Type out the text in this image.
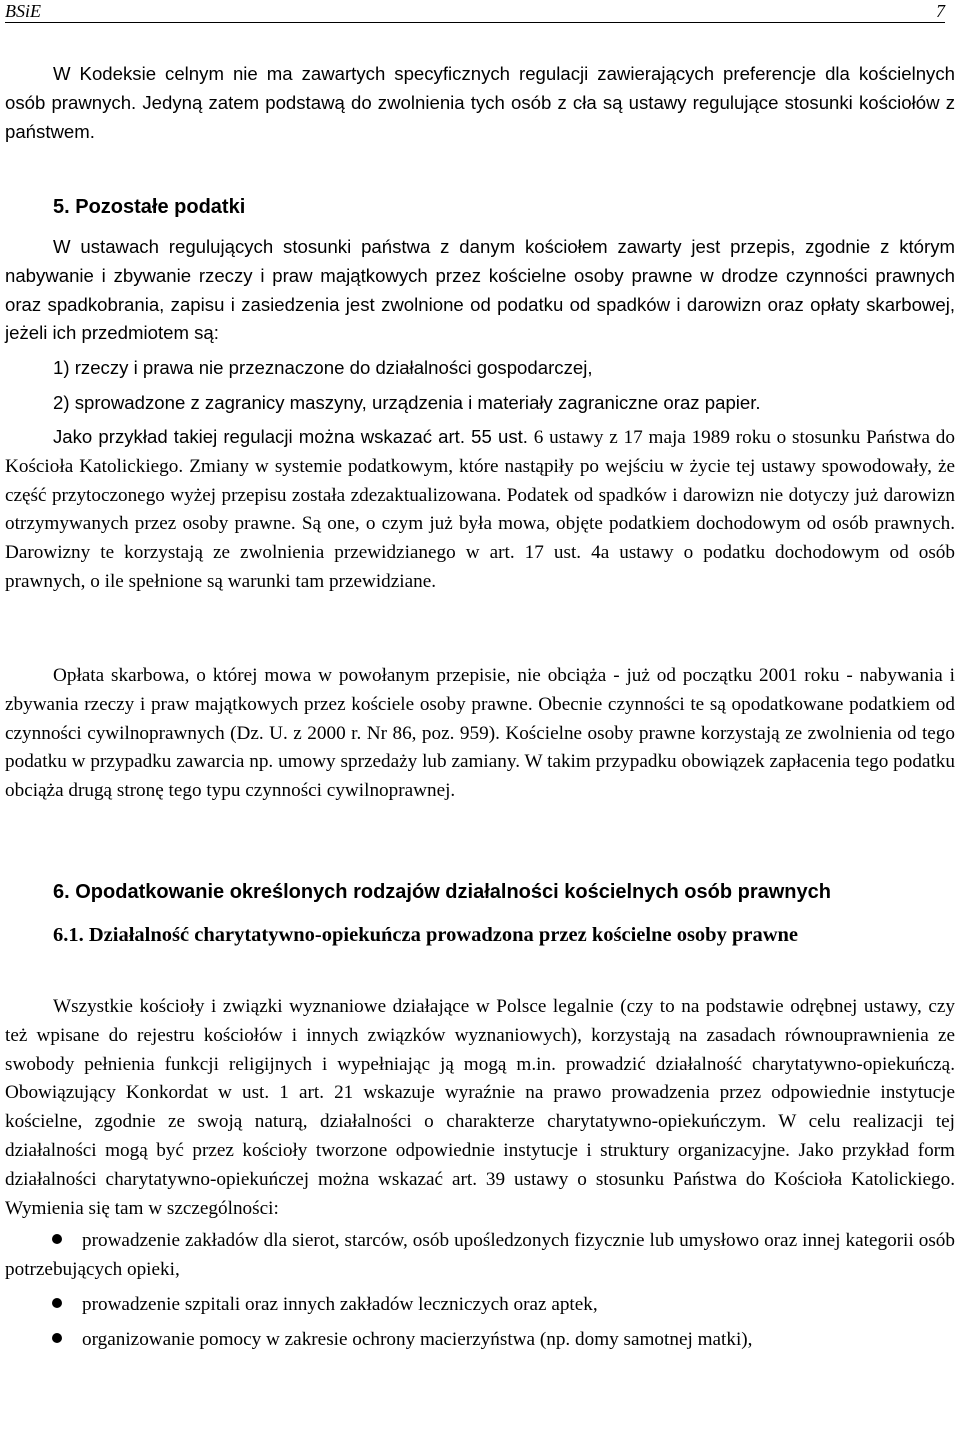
BSiE	7

W Kodeksie celnym nie ma zawartych specyficznych regulacji zawierających preferencje dla kościelnych osób prawnych. Jedyną zatem podstawą do zwolnienia tych osób z cła są ustawy regulujące stosunki kościołów z państwem.

5. Pozostałe podatki

W ustawach regulujących stosunki państwa z danym kościołem zawarty jest przepis, zgodnie z którym nabywanie i zbywanie rzeczy i praw majątkowych przez kościelne osoby prawne w drodze czynności prawnych oraz spadkobrania, zapisu i zasiedzenia jest zwolnione od podatku od spadków i darowizn oraz opłaty skarbowej, jeżeli ich przedmiotem są:

1) rzeczy i prawa nie przeznaczone do działalności gospodarczej,

2) sprowadzone z zagranicy maszyny, urządzenia i materiały zagraniczne oraz papier.

Jako przykład takiej regulacji można wskazać art. 55 ust. 6 ustawy z 17 maja 1989 roku o stosunku Państwa do Kościoła Katolickiego. Zmiany w systemie podatkowym, które nastąpiły po wejściu w życie tej ustawy spowodowały, że część przytoczonego wyżej przepisu została zdezaktualizowana. Podatek od spadków i darowizn nie dotyczy już darowizn otrzymywanych przez osoby prawne. Są one, o czym już była mowa, objęte podatkiem dochodowym od osób prawnych. Darowizny te korzystają ze zwolnienia przewidzianego w art. 17 ust. 4a ustawy o podatku dochodowym od osób prawnych, o ile spełnione są warunki tam przewidziane.

Opłata skarbowa, o której mowa w powołanym przepisie, nie obciąża - już od początku 2001 roku - nabywania i zbywania rzeczy i praw majątkowych przez kościele osoby prawne. Obecnie czynności te są opodatkowane podatkiem od czynności cywilnoprawnych (Dz. U. z 2000 r. Nr 86, poz. 959). Kościelne osoby prawne korzystają ze zwolnienia od tego podatku w przypadku zawarcia np. umowy sprzedaży lub zamiany. W takim przypadku obowiązek zapłacenia tego podatku obciąża drugą stronę tego typu czynności cywilnoprawnej.

6. Opodatkowanie określonych rodzajów działalności kościelnych osób prawnych

6.1. Działalność charytatywno-opiekuńcza prowadzona przez kościelne osoby prawne

Wszystkie kościoły i związki wyznaniowe działające w Polsce legalnie (czy to na podstawie odrębnej ustawy, czy też wpisane do rejestru kościołów i innych związków wyznaniowych), korzystają na zasadach równouprawnienia ze swobody pełnienia funkcji religijnych i wypełniając ją mogą m.in. prowadzić działalność charytatywno-opiekuńczą. Obowiązujący Konkordat w ust. 1 art. 21 wskazuje wyraźnie na prawo prowadzenia przez odpowiednie instytucje kościelne, zgodnie ze swoją naturą, działalności o charakterze charytatywno-opiekuńczym. W celu realizacji tej działalności mogą być przez kościoły tworzone odpowiednie instytucje i struktury organizacyjne. Jako przykład form działalności charytatywno-opiekuńczej można wskazać art. 39 ustawy o stosunku Państwa do Kościoła Katolickiego. Wymienia się tam w szczególności:

prowadzenie zakładów dla sierot, starców, osób upośledzonych fizycznie lub umysłowo oraz innej kategorii osób potrzebujących opieki,
prowadzenie szpitali oraz innych zakładów leczniczych oraz aptek,
organizowanie pomocy w zakresie ochrony macierzyństwa (np. domy samotnej matki),
